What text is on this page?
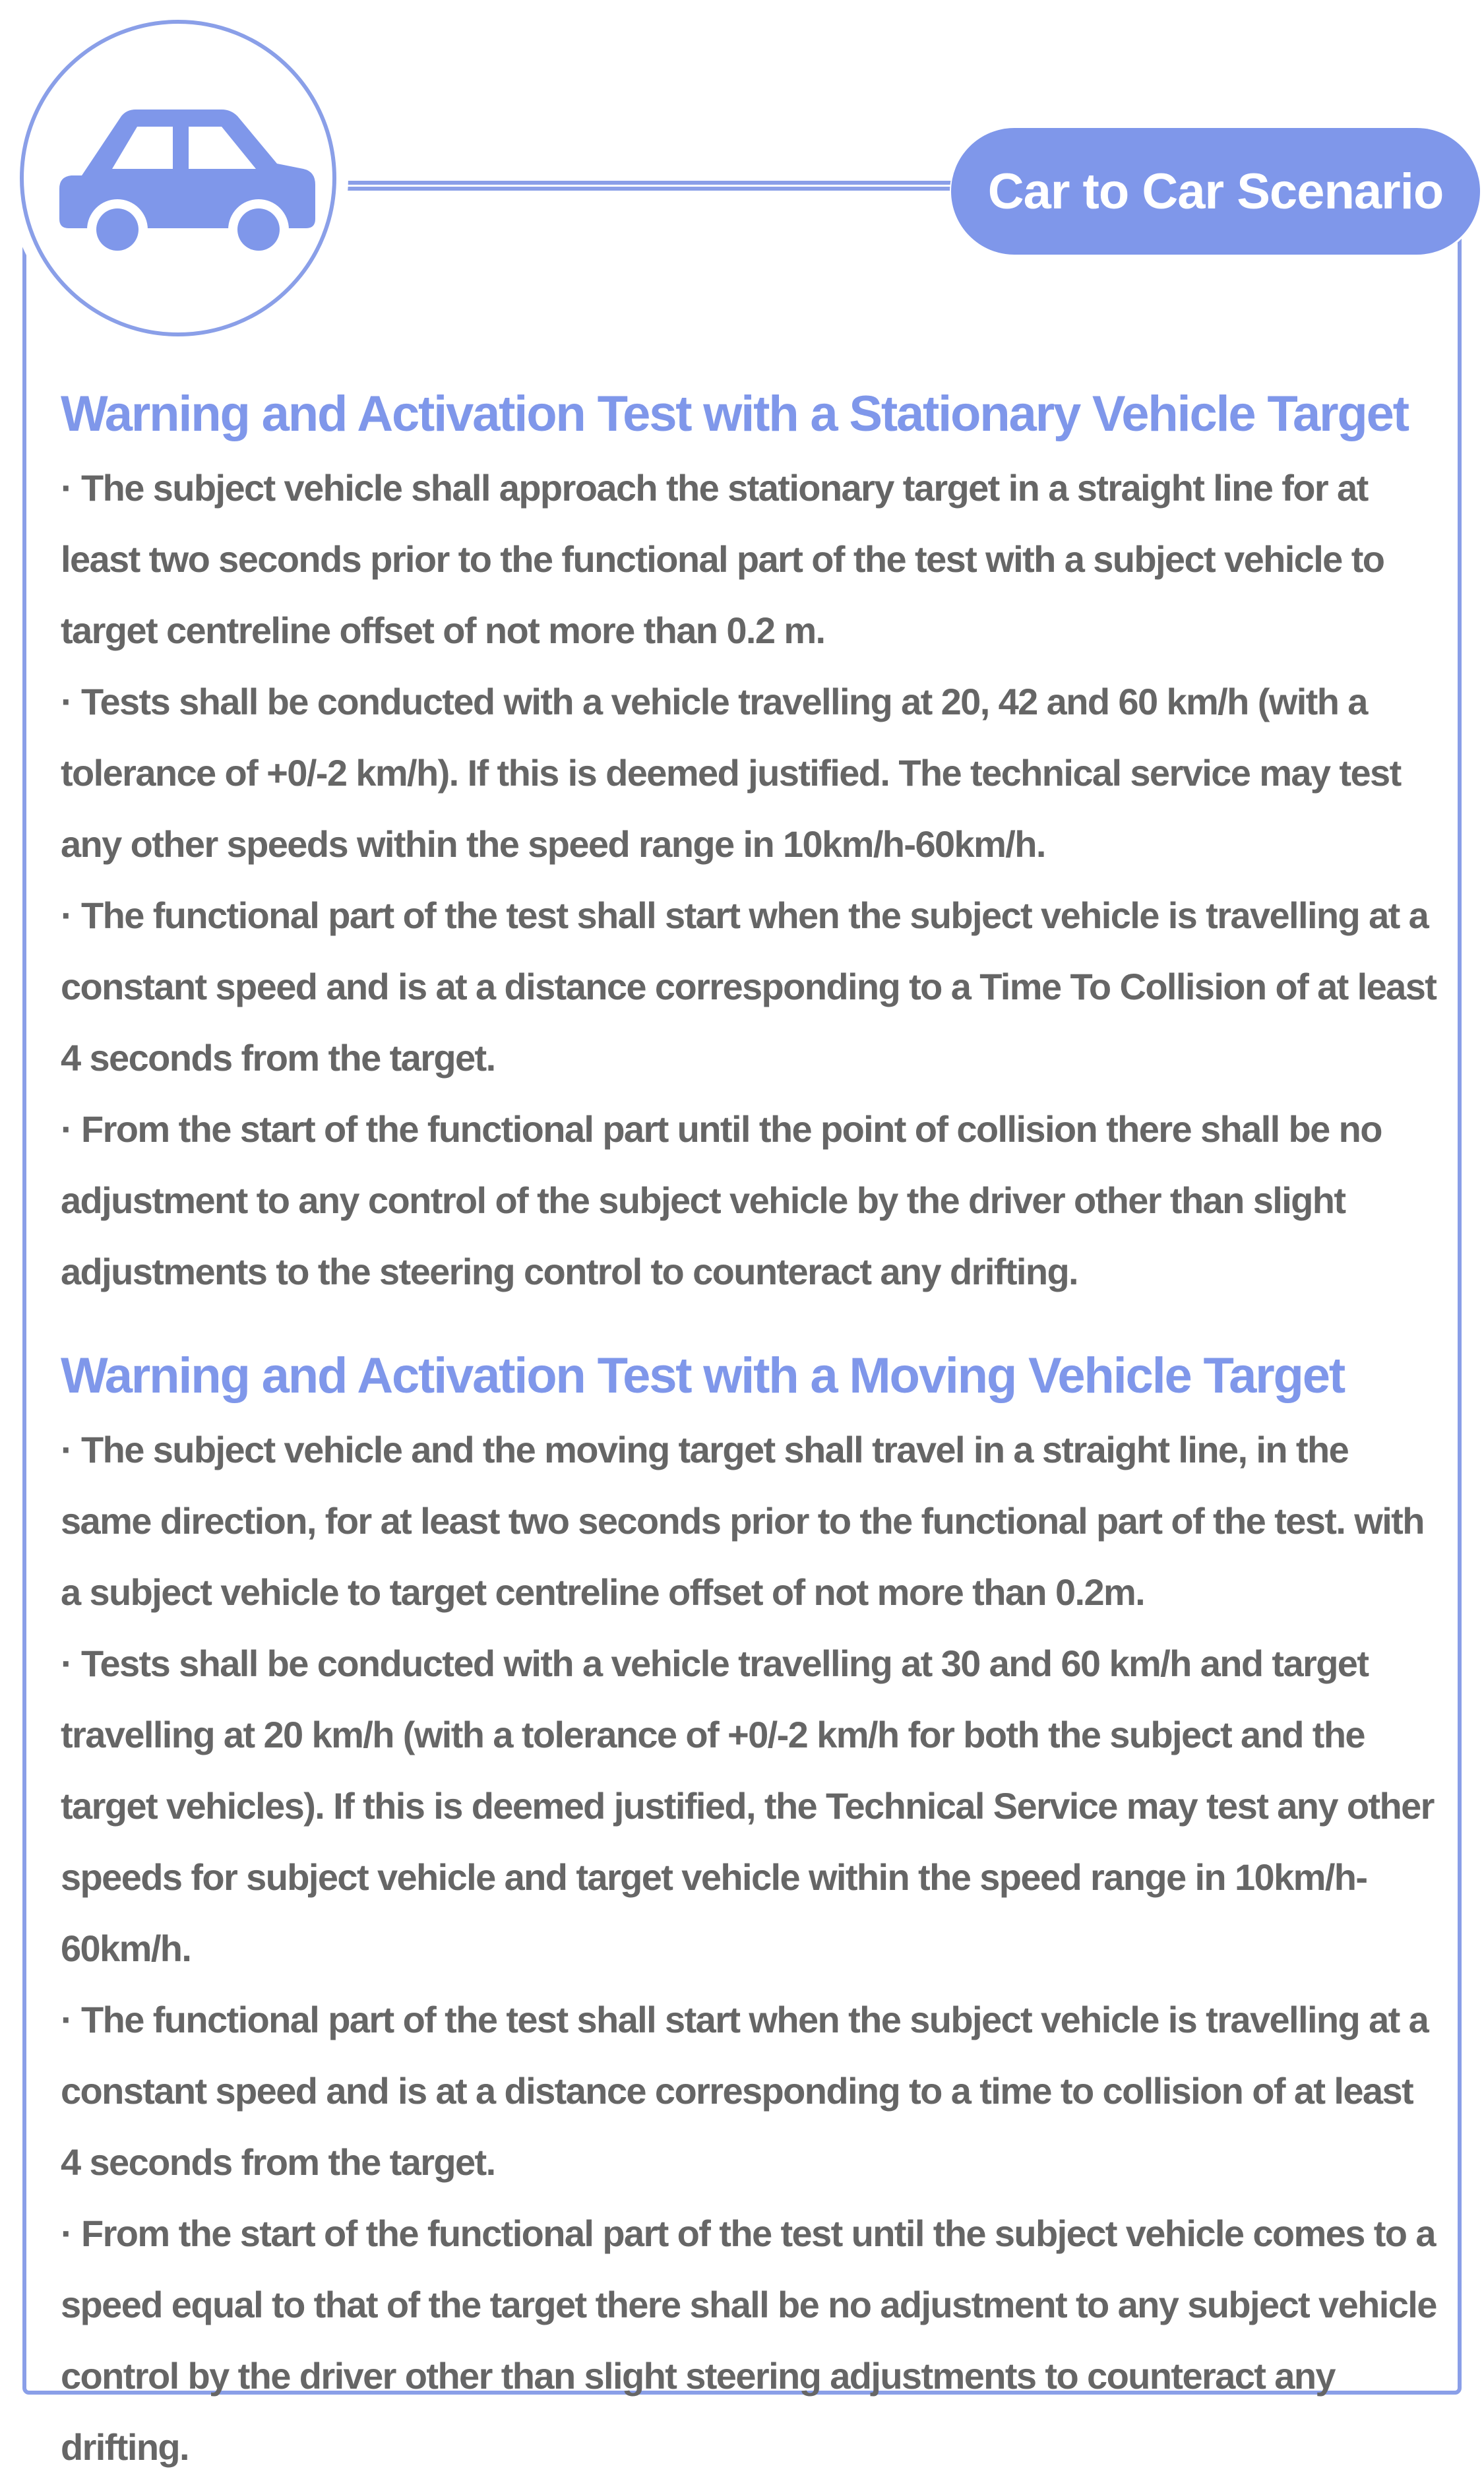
Car to Car Scenario
Warning and Activation Test with a Stationary Vehicle Target

· The subject vehicle shall approach the stationary target in a straight line for at least two seconds prior to the functional part of the test with a subject vehicle to target centreline offset of not more than 0.2 m.

· Tests shall be conducted with a vehicle travelling at 20, 42 and 60 km/h (with a tolerance of +0/-2 km/h). If this is deemed justified. The technical service may test any other speeds within the speed range in 10km/h-60km/h.

· The functional part of the test shall start when the subject vehicle is travelling at a constant speed and is at a distance corresponding to a Time To Collision of at least 4 seconds from the target.

· From the start of the functional part until the point of collision there shall be no adjustment to any control of the subject vehicle by the driver other than slight adjustments to the steering control to counteract any drifting.

Warning and Activation Test with a Moving Vehicle Target

· The subject vehicle and the moving target shall travel in a straight line, in the same direction, for at least two seconds prior to the functional part of the test. with a subject vehicle to target centreline offset of not more than 0.2m.

· Tests shall be conducted with a vehicle travelling at 30 and 60 km/h and target travelling at 20 km/h (with a tolerance of +0/-2 km/h for both the subject and the target vehicles). If this is deemed justified, the Technical Service may test any other speeds for subject vehicle and target vehicle within the speed range in 10km/h-60km/h.

· The functional part of the test shall start when the subject vehicle is travelling at a constant speed and is at a distance corresponding to a time to collision of at least 4 seconds from the target.

· From the start of the functional part of the test until the subject vehicle comes to a speed equal to that of the target there shall be no adjustment to any subject vehicle control by the driver other than slight steering adjustments to counteract any drifting.
